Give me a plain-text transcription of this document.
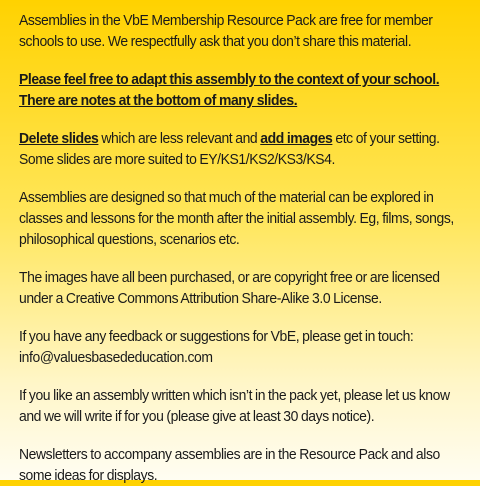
Assemblies in the VbE Membership Resource Pack are free for member schools to use. We respectfully ask that you don’t share this material.

Please feel free to adapt this assembly to the context of your school. There are notes at the bottom of many slides.

Delete slides which are less relevant and add images etc of your setting. Some slides are more suited to EY/KS1/KS2/KS3/KS4.

Assemblies are designed so that much of the material can be explored in classes and lessons for the month after the initial assembly. Eg, films, songs, philosophical questions, scenarios etc.

The images have all been purchased, or are copyright free or are licensed under a Creative Commons Attribution Share-Alike 3.0 License.

If you have any feedback or suggestions for VbE, please get in touch: info@valuesbasededucation.com

If you like an assembly written which isn’t in the pack yet, please let us know and we will write if for you (please give at least 30 days notice).

Newsletters to accompany assemblies are in the Resource Pack and also some ideas for displays.
